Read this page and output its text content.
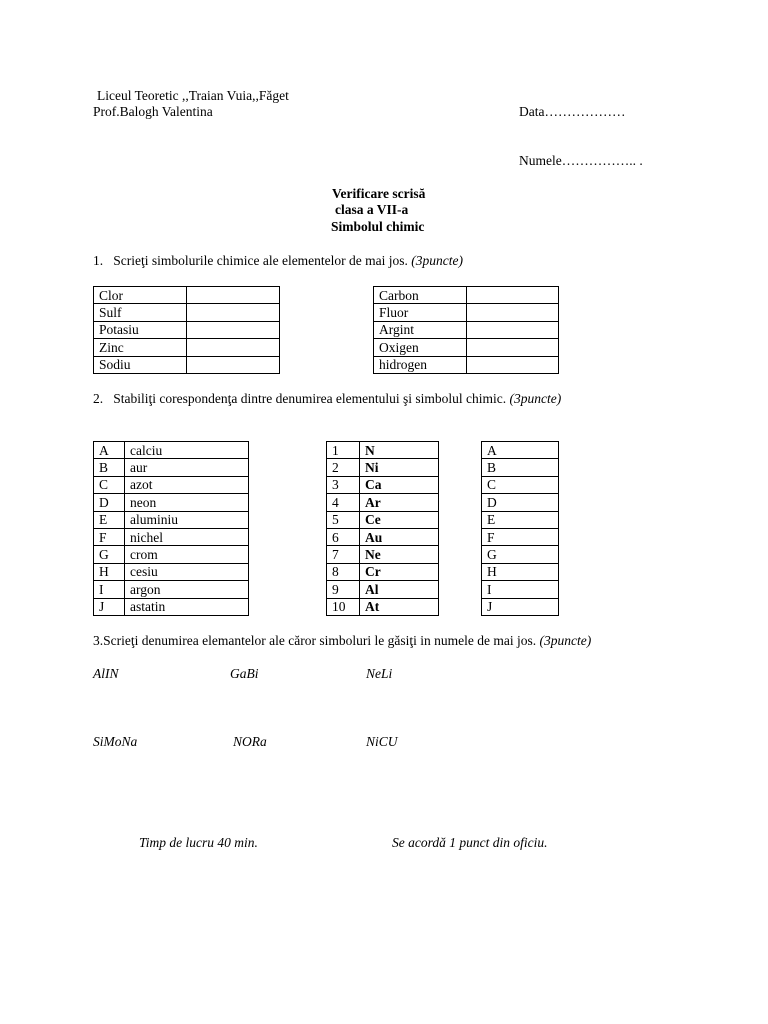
Liceul Teoretic ,,Traian Vuia,,Făget
Prof.Balogh Valentina	Data………………
Numele…………….. .
Verificare scrisă
clasa a VII-a
Simbolul chimic
1. Scrieţi simbolurile chimice ale elementelor de mai jos. (3puncte)
Clor	
Sulf	
Potasiu	
Zinc	
Sodiu	
Carbon	
Fluor	
Argint	
Oxigen	
hidrogen	
2. Stabiliţi corespondenţa dintre denumirea elementului şi simbolul chimic. (3puncte)
A	calciu
B	aur
C	azot
D	neon
E	aluminiu
F	nichel
G	crom
H	cesiu
I	argon
J	astatin
1	N
2	Ni
3	Ca
4	Ar
5	Ce
6	Au
7	Ne
8	Cr
9	Al
10	At
A
B
C
D
E
F
G
H
I
J
3.Scrieţi denumirea elemantelor ale căror simboluri le găsiţi in numele de mai jos. (3puncte)
AlIN	GaBi	NeLi
SiMoNa	NORa	NiCU
Timp de lucru 40 min.	Se acordă 1 punct din oficiu.
